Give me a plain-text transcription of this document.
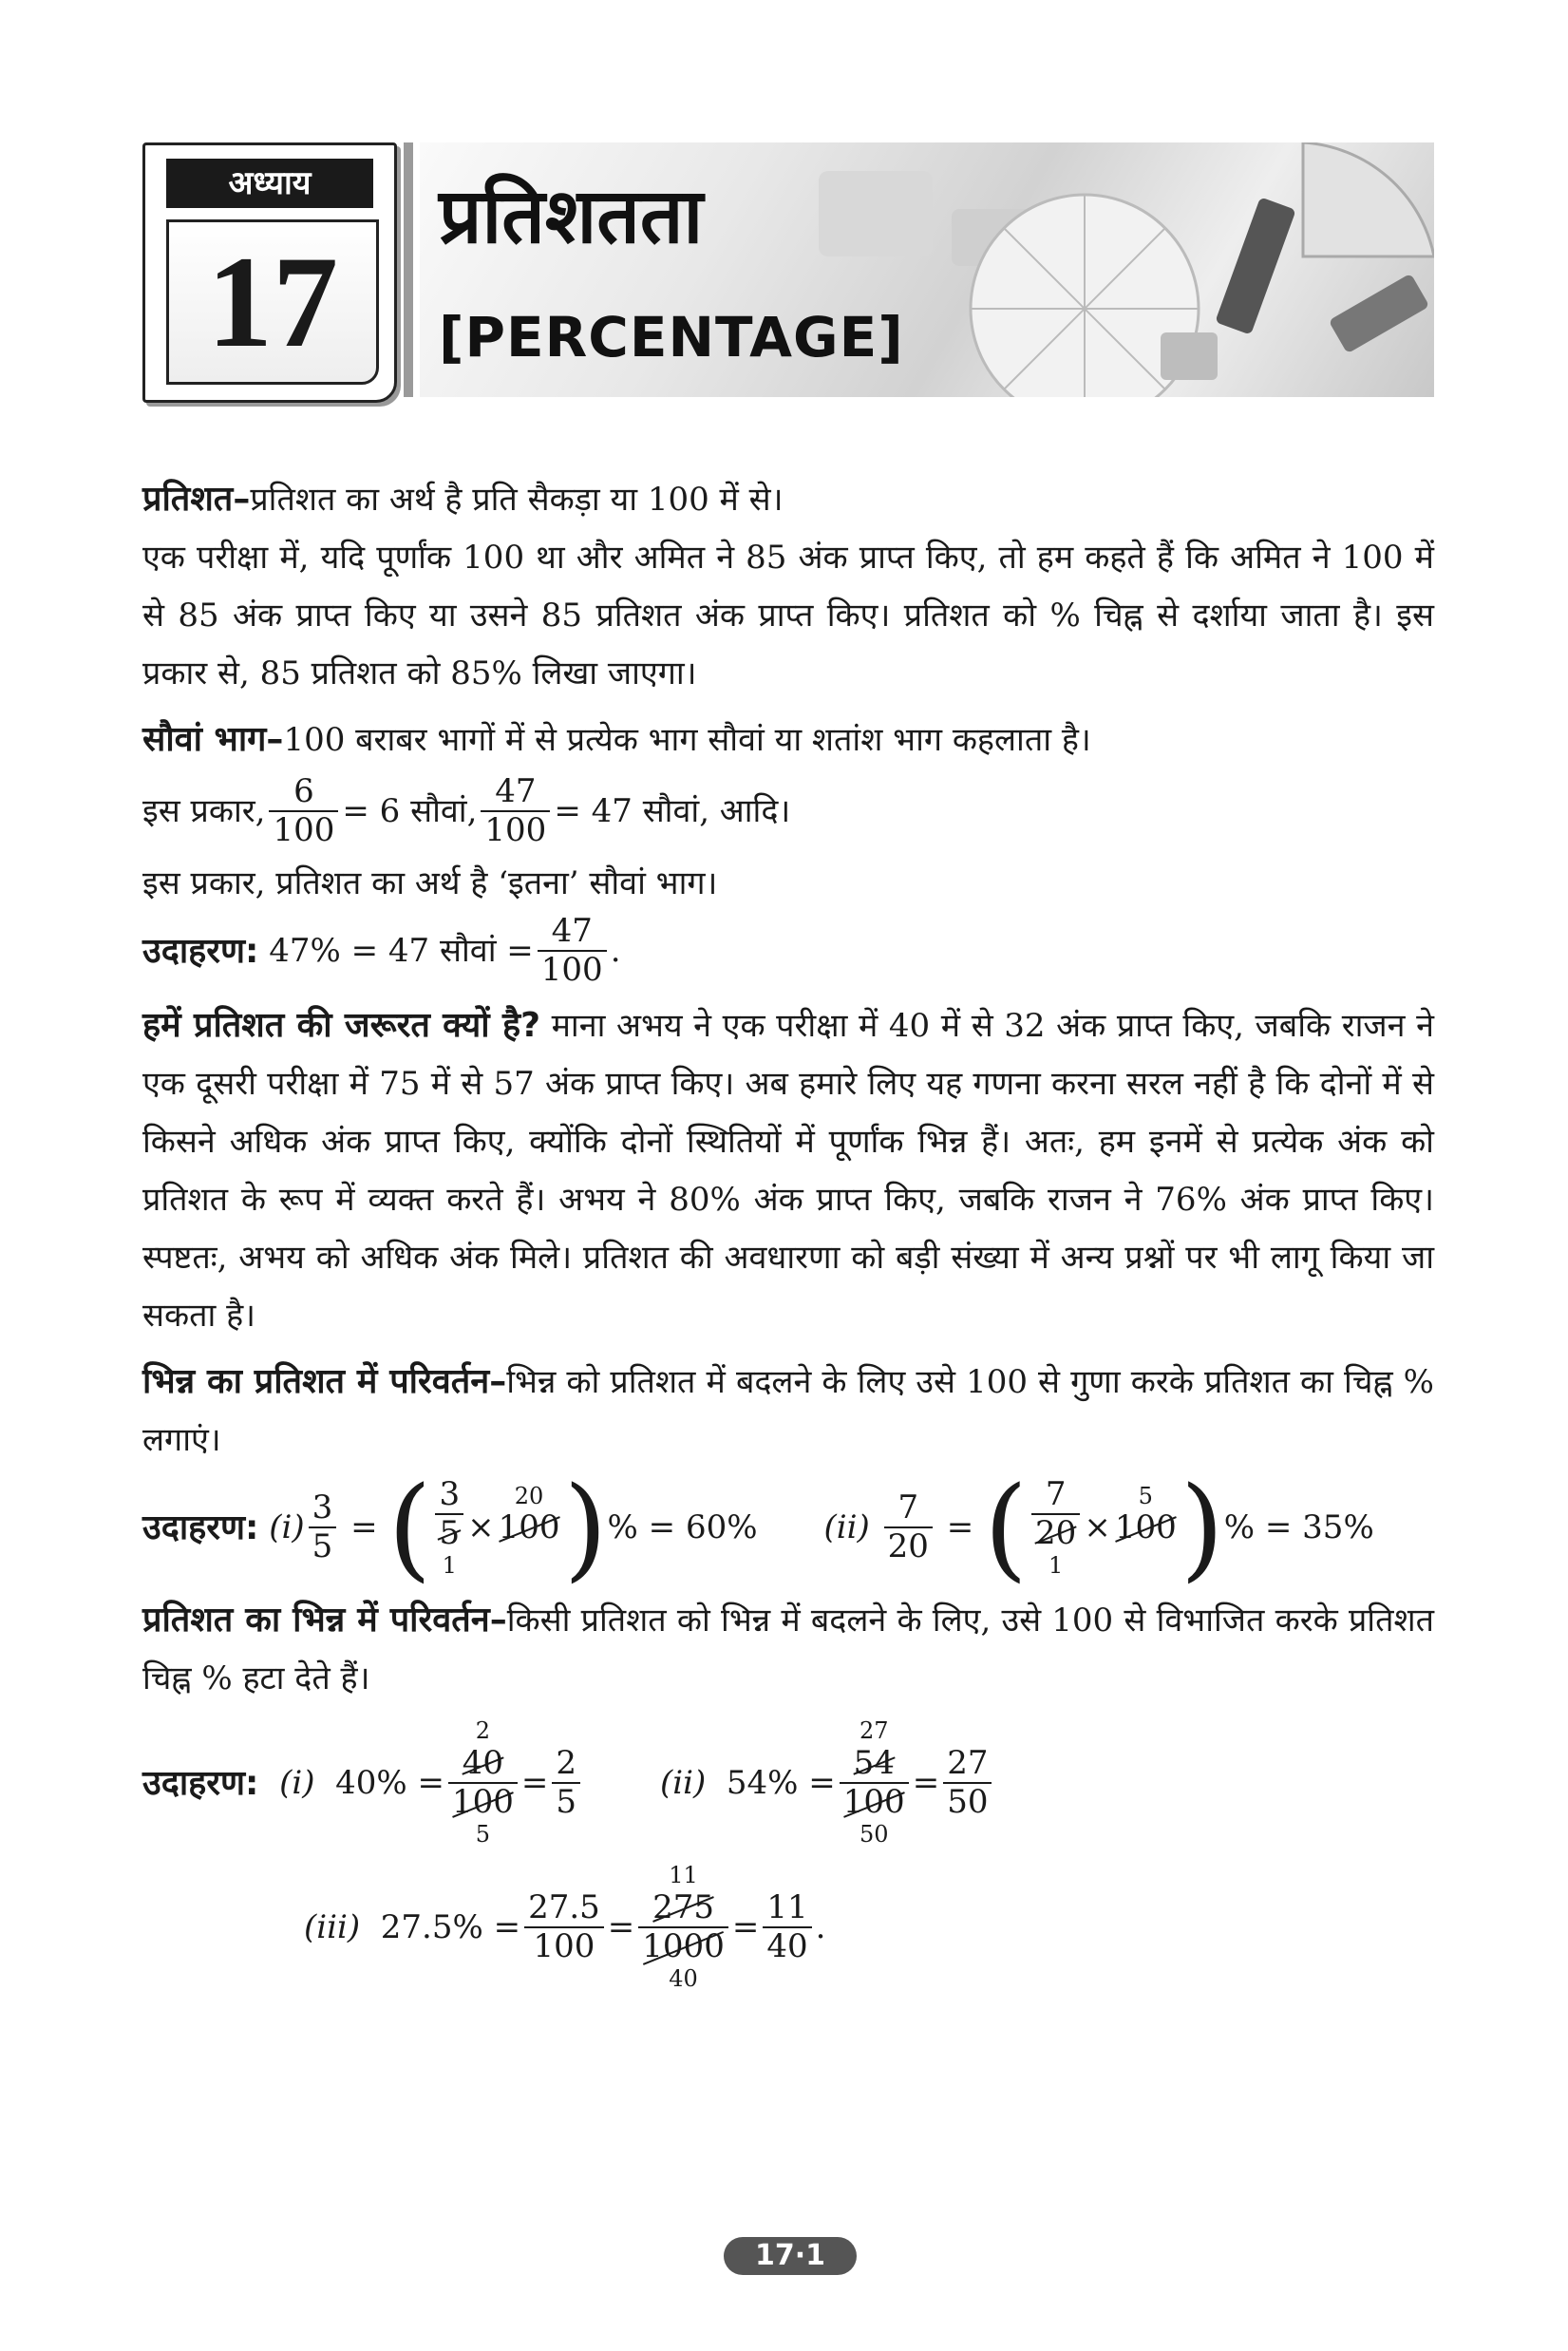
अध्याय
17
प्रतिशतता
[PERCENTAGE]

प्रतिशत–प्रतिशत का अर्थ है प्रति सैकड़ा या 100 में से।

एक परीक्षा में, यदि पूर्णांक 100 था और अमित ने 85 अंक प्राप्त किए, तो हम कहते हैं कि अमित ने 100 में से 85 अंक प्राप्त किए या उसने 85 प्रतिशत अंक प्राप्त किए। प्रतिशत को % चिह्न से दर्शाया जाता है। इस प्रकार से, 85 प्रतिशत को 85% लिखा जाएगा।

सौवां भाग–100 बराबर भागों में से प्रत्येक भाग सौवां या शतांश भाग कहलाता है।

इस प्रकार, $\frac{6}{100} = 6$ सौवां, $\frac{47}{100} = 47$ सौवां, आदि।

इस प्रकार, प्रतिशत का अर्थ है ‘इतना’ सौवां भाग।

उदाहरण:
47% = 47 सौवां = $\frac{47}{100}$ .

हमें प्रतिशत की जरूरत क्यों है? माना अभय ने एक परीक्षा में 40 में से 32 अंक प्राप्त किए, जबकि राजन ने एक दूसरी परीक्षा में 75 में से 57 अंक प्राप्त किए। अब हमारे लिए यह गणना करना सरल नहीं है कि दोनों में से किसने अधिक अंक प्राप्त किए, क्योंकि दोनों स्थितियों में पूर्णांक भिन्न हैं। अतः, हम इनमें से प्रत्येक अंक को प्रतिशत के रूप में व्यक्त करते हैं। अभय ने 80% अंक प्राप्त किए, जबकि राजन ने 76% अंक प्राप्त किए। स्पष्टतः, अभय को अधिक अंक मिले। प्रतिशत की अवधारणा को बड़ी संख्या में अन्य प्रश्नों पर भी लागू किया जा सकता है।

भिन्न का प्रतिशत में परिवर्तन–भिन्न को प्रतिशत में बदलने के लिए उसे 100 से गुणा करके प्रतिशत का चिह्न % लगाएं।

उदाहरण:
$(i) \frac{3}{5}$ = ( 3
5
1
×
20
100
) % = 60% (ii)
$\frac{7}{20}$ = ( 7
20
1
×
5
100
) % = 35%

प्रतिशत का भिन्न में परिवर्तन–किसी प्रतिशत को भिन्न में बदलने के लिए, उसे 100 से विभाजित करके प्रतिशत चिह्न % हटा देते हैं।

उदाहरण:
(i)
40% =
2
40
100
5
= $\frac{2}{5} (ii)$
54% =
27
54
100
50
= $\frac{27}{50}$
(iii)
$27.5\% = \frac{27.5}{100}$ =
11
275
1000
40
= $\frac{11}{40}$ .
17·1
